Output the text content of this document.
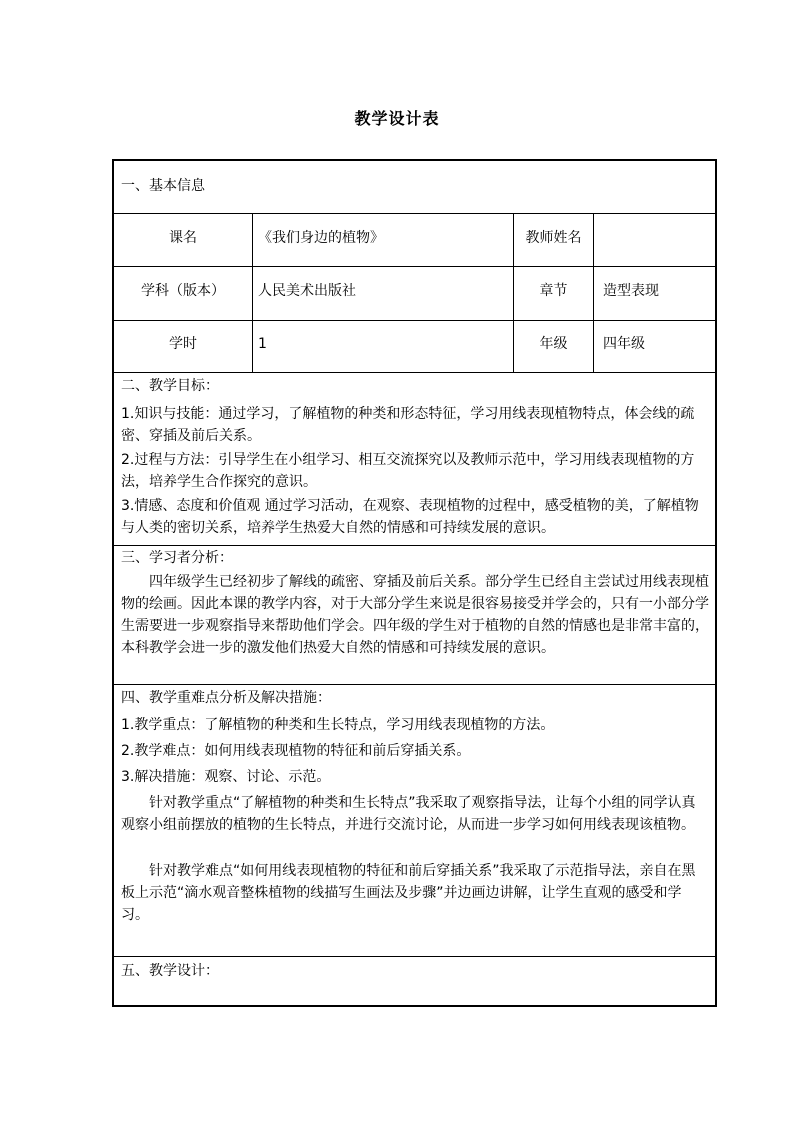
教学设计表
一、基本信息
课名	《我们身边的植物》	教师姓名
学科（版本）	人民美术出版社	章节	造型表现
学时	1	年级	四年级
二、教学目标：
1.知识与技能：通过学习，了解植物的种类和形态特征，学习用线表现植物特点，体会线的疏密、穿插及前后关系。
2.过程与方法：引导学生在小组学习、相互交流探究以及教师示范中，学习用线表现植物的方法，培养学生合作探究的意识。
3.情感、态度和价值观 通过学习活动，在观察、表现植物的过程中，感受植物的美，了解植物与人类的密切关系，培养学生热爱大自然的情感和可持续发展的意识。
三、学习者分析：
四年级学生已经初步了解线的疏密、穿插及前后关系。部分学生已经自主尝试过用线表现植物的绘画。因此本课的教学内容，对于大部分学生来说是很容易接受并学会的，只有一小部分学生需要进一步观察指导来帮助他们学会。四年级的学生对于植物的自然的情感也是非常丰富的，本科教学会进一步的激发他们热爱大自然的情感和可持续发展的意识。
四、教学重难点分析及解决措施：
1.教学重点：了解植物的种类和生长特点，学习用线表现植物的方法。
2.教学难点：如何用线表现植物的特征和前后穿插关系。
3.解决措施：观察、讨论、示范。
针对教学重点“了解植物的种类和生长特点”我采取了观察指导法，让每个小组的同学认真观察小组前摆放的植物的生长特点，并进行交流讨论，从而进一步学习如何用线表现该植物。
针对教学难点“如何用线表现植物的特征和前后穿插关系”我采取了示范指导法，亲自在黑板上示范“滴水观音整株植物的线描写生画法及步骤”并边画边讲解，让学生直观的感受和学习。
五、教学设计：
